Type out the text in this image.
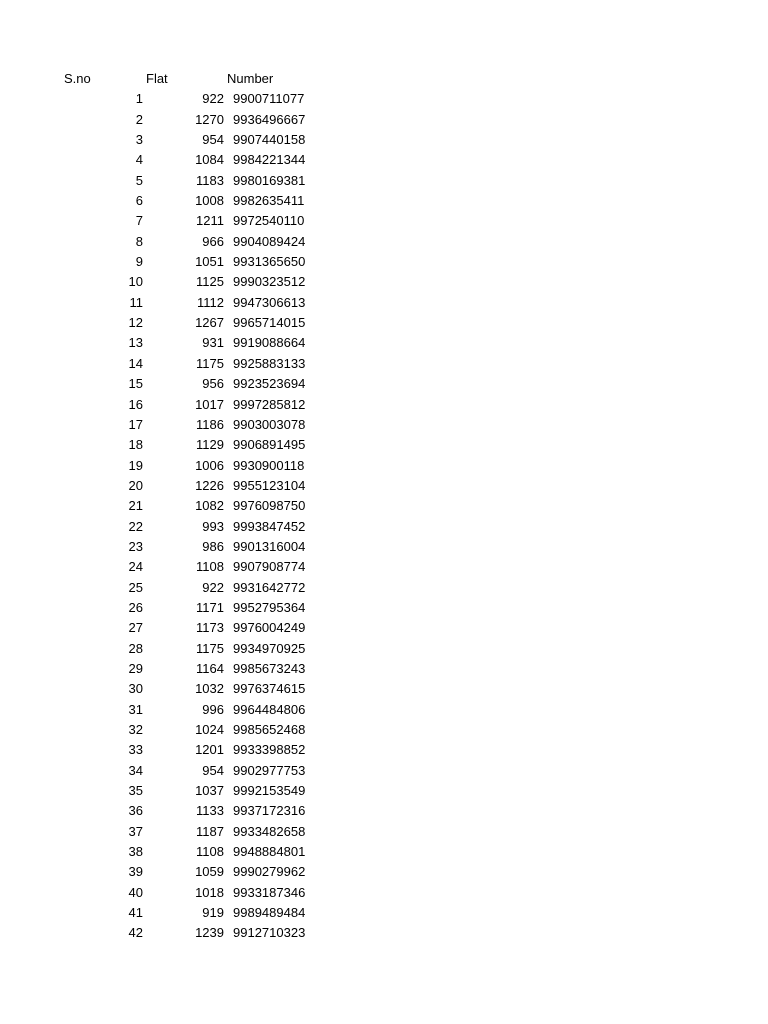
S.no	Flat	Number
1	922 9900711077
2	1270 9936496667
3	954 9907440158
4	1084 9984221344
5	1183 9980169381
6	1008 9982635411
7	1211 9972540110
8	966 9904089424
9	1051 9931365650
10	1125 9990323512
11	1112 9947306613
12	1267 9965714015
13	931 9919088664
14	1175 9925883133
15	956 9923523694
16	1017 9997285812
17	1186 9903003078
18	1129 9906891495
19	1006 9930900118
20	1226 9955123104
21	1082 9976098750
22	993 9993847452
23	986 9901316004
24	1108 9907908774
25	922 9931642772
26	1171 9952795364
27	1173 9976004249
28	1175 9934970925
29	1164 9985673243
30	1032 9976374615
31	996 9964484806
32	1024 9985652468
33	1201 9933398852
34	954 9902977753
35	1037 9992153549
36	1133 9937172316
37	1187 9933482658
38	1108 9948884801
39	1059 9990279962
40	1018 9933187346
41	919 9989489484
42	1239 9912710323
